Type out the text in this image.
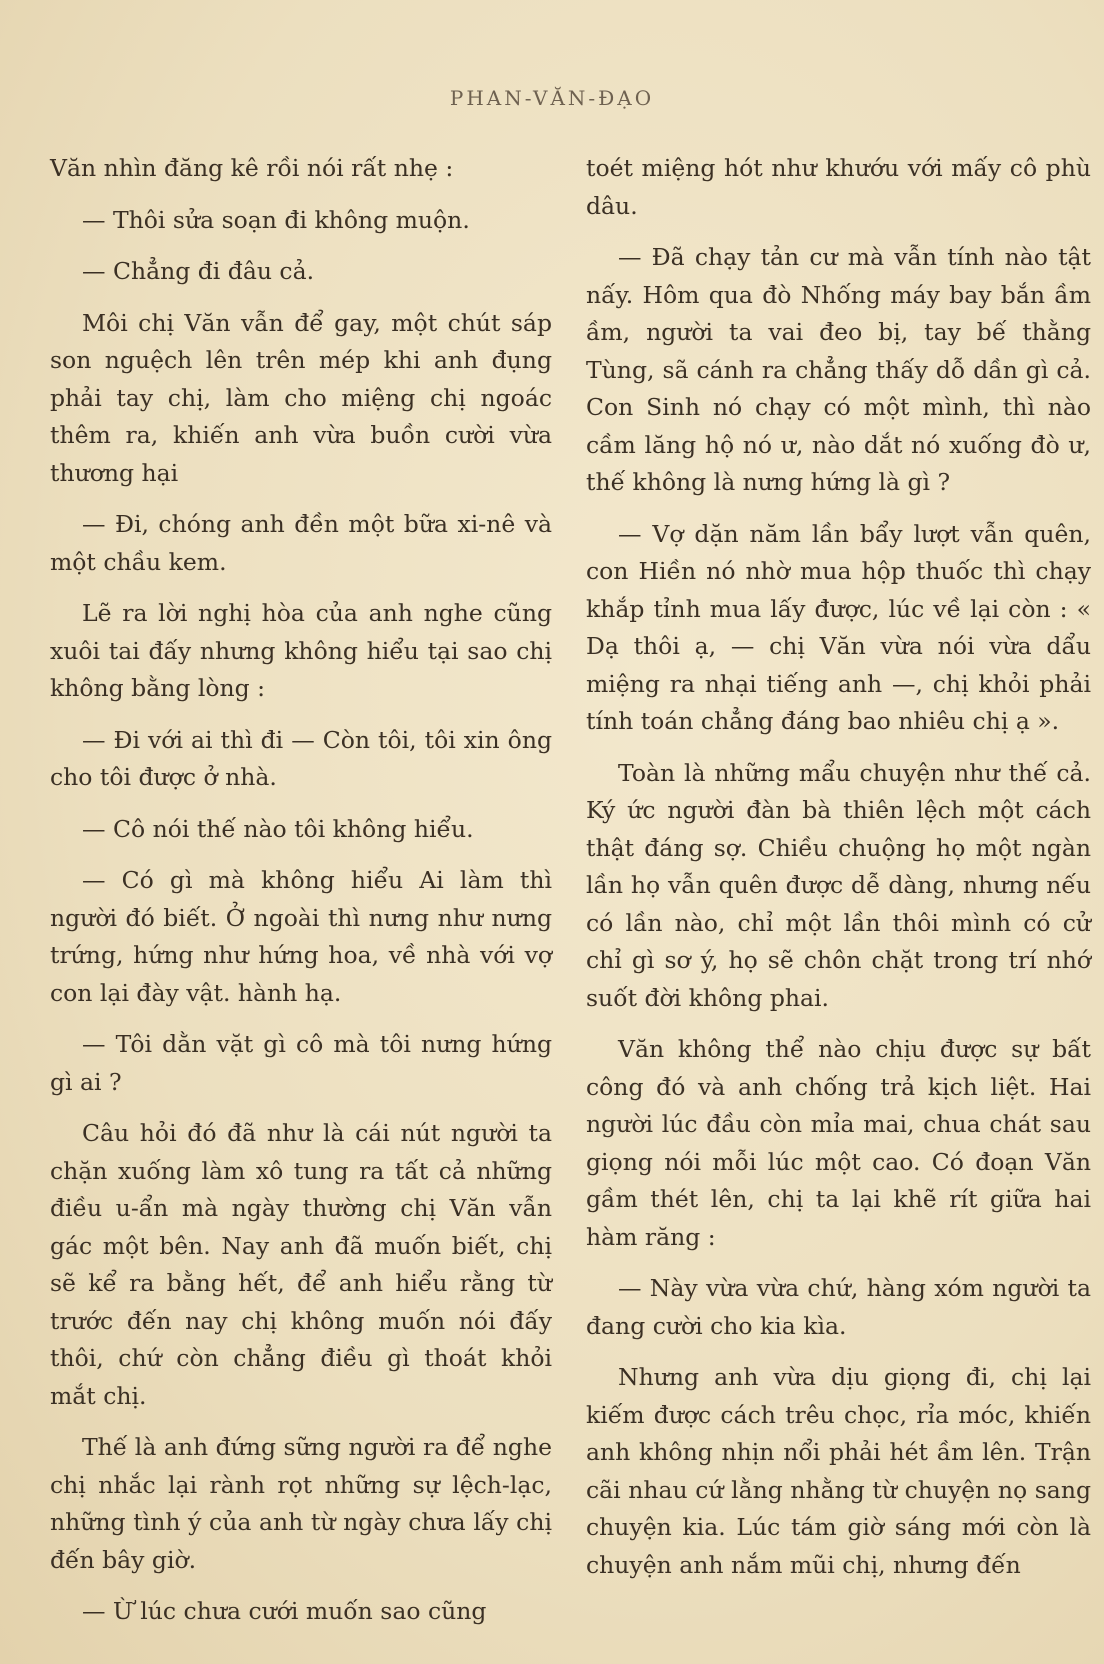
PHAN-VĂN-ĐẠO

Văn nhìn đăng kê rồi nói rất nhẹ :

— Thôi sửa soạn đi không muộn.

— Chẳng đi đâu cả.

Môi chị Văn vẫn để gay, một chút sáp son nguệch lên trên mép khi anh đụng phải tay chị, làm cho miệng chị ngoác thêm ra, khiến anh vừa buồn cười vừa thương hại

— Đi, chóng anh đền một bữa xi-nê và một chầu kem.

Lẽ ra lời nghị hòa của anh nghe cũng xuôi tai đấy nhưng không hiểu tại sao chị không bằng lòng :

— Đi với ai thì đi — Còn tôi, tôi xin ông cho tôi được ở nhà.

— Cô nói thế nào tôi không hiểu.

— Có gì mà không hiểu Ai làm thì người đó biết. Ở ngoài thì nưng như nưng trứng, hứng như hứng hoa, về nhà với vợ con lại đày vật. hành hạ.

— Tôi dằn vặt gì cô mà tôi nưng hứng gì ai ?

Câu hỏi đó đã như là cái nút người ta chặn xuống làm xô tung ra tất cả những điều u-ẩn mà ngày thường chị Văn vẫn gác một bên. Nay anh đã muốn biết, chị sẽ kể ra bằng hết, để anh hiểu rằng từ trước đến nay chị không muốn nói đấy thôi, chứ còn chẳng điều gì thoát khỏi mắt chị.

Thế là anh đứng sững người ra để nghe chị nhắc lại rành rọt những sự lệch-lạc, những tình ý của anh từ ngày chưa lấy chị đến bây giờ.

— Ừ lúc chưa cưới muốn sao cũng

toét miệng hót như khướu với mấy cô phù dâu.

— Đã chạy tản cư mà vẫn tính nào tật nấy. Hôm qua đò Nhống máy bay bắn ầm ầm, người ta vai đeo bị, tay bế thằng Tùng, sã cánh ra chẳng thấy dỗ dần gì cả. Con Sinh nó chạy có một mình, thì nào cầm lăng hộ nó ư, nào dắt nó xuống đò ư, thế không là nưng hứng là gì ?

— Vợ dặn năm lần bẩy lượt vẫn quên, con Hiền nó nhờ mua hộp thuốc thì chạy khắp tỉnh mua lấy được, lúc về lại còn : « Dạ thôi ạ, — chị Văn vừa nói vừa dẩu miệng ra nhại tiếng anh —, chị khỏi phải tính toán chẳng đáng bao nhiêu chị ạ ».

Toàn là những mẩu chuyện như thế cả. Ký ức người đàn bà thiên lệch một cách thật đáng sợ. Chiều chuộng họ một ngàn lần họ vẫn quên được dễ dàng, nhưng nếu có lần nào, chỉ một lần thôi mình có cử chỉ gì sơ ý, họ sẽ chôn chặt trong trí nhớ suốt đời không phai.

Văn không thể nào chịu được sự bất công đó và anh chống trả kịch liệt. Hai người lúc đầu còn mỉa mai, chua chát sau giọng nói mỗi lúc một cao. Có đoạn Văn gầm thét lên, chị ta lại khẽ rít giữa hai hàm răng :

— Này vừa vừa chứ, hàng xóm người ta đang cười cho kia kìa.

Nhưng anh vừa dịu giọng đi, chị lại kiếm được cách trêu chọc, rỉa móc, khiến anh không nhịn nổi phải hét ầm lên. Trận cãi nhau cứ lằng nhằng từ chuyện nọ sang chuyện kia. Lúc tám giờ sáng mới còn là chuyện anh nắm mũi chị, nhưng đến
